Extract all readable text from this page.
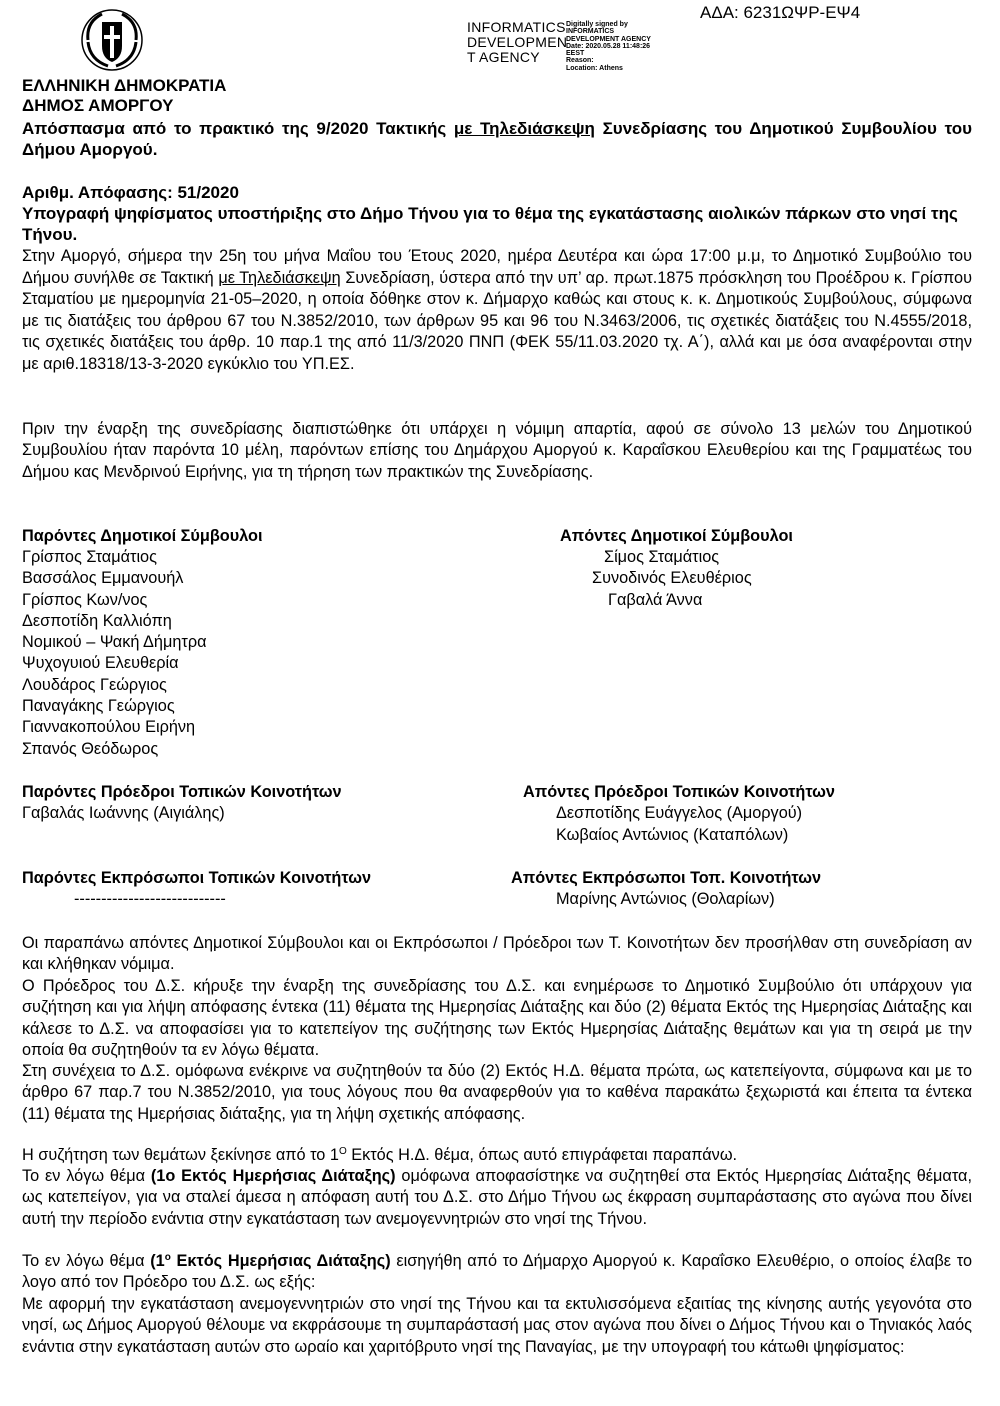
INFORMATICS DEVELOPMEN T AGENCY
Digitally signed by
INFORMATICS
DEVELOPMENT AGENCY
Date: 2020.05.28 11:48:26
EEST
Reason:
Location: Athens
ΑΔΑ: 6231ΩΨΡ-ΕΨ4
ΕΛΛΗΝΙΚΗ ΔΗΜΟΚΡΑΤΙΑ
ΔΗΜΟΣ ΑΜΟΡΓΟΥ
Απόσπασμα από το πρακτικό της 9/2020 Τακτικής με Τηλεδιάσκεψη Συνεδρίασης του Δημοτικού Συμβουλίου του Δήμου Αμοργού.
Αριθμ. Απόφασης: 51/2020
Υπογραφή ψηφίσματος υποστήριξης στο Δήμο Τήνου για το θέμα της εγκατάστασης αιολικών πάρκων στο νησί της Τήνου.
Στην Αμοργό, σήμερα την 25η του μήνα Μαΐου του Έτους 2020, ημέρα Δευτέρα και ώρα 17:00 μ.μ, το Δημοτικό Συμβούλιο του Δήμου συνήλθε σε Τακτική με Τηλεδιάσκεψη Συνεδρίαση, ύστερα από την υπ’ αρ. πρωτ.1875 πρόσκληση του Προέδρου κ. Γρίσπου Σταματίου με ημερομηνία 21-05–2020, η οποία δόθηκε στον κ. Δήμαρχο καθώς και στους κ. κ. Δημοτικούς Συμβούλους, σύμφωνα με τις διατάξεις του άρθρου 67 του Ν.3852/2010, των άρθρων 95 και 96 του Ν.3463/2006, τις σχετικές διατάξεις του Ν.4555/2018, τις σχετικές διατάξεις του άρθρ. 10 παρ.1 της από 11/3/2020 ΠΝΠ (ΦΕΚ 55/11.03.2020 τχ. Α΄), αλλά και με όσα αναφέρονται στην με αριθ.18318/13-3-2020 εγκύκλιο του ΥΠ.ΕΣ.
Πριν την έναρξη της συνεδρίασης διαπιστώθηκε ότι υπάρχει η νόμιμη απαρτία, αφού σε σύνολο 13 μελών του Δημοτικού Συμβουλίου ήταν παρόντα 10 μέλη, παρόντων επίσης του Δημάρχου Αμοργού κ. Καραΐσκου Ελευθερίου και της Γραμματέως του Δήμου κας Μενδρινού Ειρήνης, για τη τήρηση των πρακτικών της Συνεδρίασης.
Παρόντες Δημοτικοί Σύμβουλοι
Γρίσπος Σταμάτιος
Βασσάλος Εμμανουήλ
Γρίσπος Κων/νος
Δεσποτίδη Καλλιόπη
Νομικού – Ψακή Δήμητρα
Ψυχογυιού Ελευθερία
Λουδάρος Γεώργιος
Παναγάκης Γεώργιος
Γιαννακοπούλου Ειρήνη
Σπανός Θεόδωρος
Απόντες Δημοτικοί Σύμβουλοι
Σίμος Σταμάτιος
Συνοδινός Ελευθέριος
Γαβαλά Άννα
Παρόντες Πρόεδροι Τοπικών Κοινοτήτων
Γαβαλάς Ιωάννης (Αιγιάλης)
Απόντες Πρόεδροι Τοπικών Κοινοτήτων
Δεσποτίδης Ευάγγελος (Αμοργού)
Κωβαίος Αντώνιος (Καταπόλων)
Παρόντες Εκπρόσωποι Τοπικών Κοινοτήτων
----------------------------
Απόντες Εκπρόσωποι Τοπ. Κοινοτήτων
Μαρίνης Αντώνιος (Θολαρίων)
Οι παραπάνω απόντες Δημοτικοί Σύμβουλοι και οι Εκπρόσωποι / Πρόεδροι των Τ. Κοινοτήτων δεν προσήλθαν στη συνεδρίαση αν και κλήθηκαν νόμιμα.
Ο Πρόεδρος του Δ.Σ. κήρυξε την έναρξη της συνεδρίασης του Δ.Σ. και ενημέρωσε το Δημοτικό Συμβούλιο ότι υπάρχουν για συζήτηση και για λήψη απόφασης έντεκα (11) θέματα της Ημερησίας Διάταξης και δύο (2) θέματα Εκτός της Ημερησίας Διάταξης και κάλεσε το Δ.Σ. να αποφασίσει για το κατεπείγον της συζήτησης των Εκτός Ημερησίας Διάταξης θεμάτων και για τη σειρά με την οποία θα συζητηθούν τα εν λόγω θέματα.
Στη συνέχεια το Δ.Σ. ομόφωνα ενέκρινε να συζητηθούν τα δύο (2) Εκτός Η.Δ. θέματα πρώτα, ως κατεπείγοντα, σύμφωνα και με το άρθρο 67 παρ.7 του Ν.3852/2010, για τους λόγους που θα αναφερθούν για το καθένα παρακάτω ξεχωριστά και έπειτα τα έντεκα (11) θέματα της Ημερήσιας διάταξης, για τη λήψη σχετικής απόφασης.
Η συζήτηση των θεμάτων ξεκίνησε από το $1^O$ Εκτός Η.Δ. θέμα, όπως αυτό επιγράφεται παραπάνω.
Το εν λόγω θέμα (1ο Εκτός Ημερήσιας Διάταξης) ομόφωνα αποφασίστηκε να συζητηθεί στα Εκτός Ημερησίας Διάταξης θέματα, ως κατεπείγον, για να σταλεί άμεσα η απόφαση αυτή του Δ.Σ. στο Δήμο Τήνου ως έκφραση συμπαράστασης στο αγώνα που δίνει αυτή την περίοδο ενάντια στην εγκατάσταση των ανεμογεννητριών στο νησί της Τήνου.
Το εν λόγω θέμα ($1^o$ Εκτός Ημερήσιας Διάταξης) εισηγήθη από το Δήμαρχο Αμοργού κ. Καραΐσκο Ελευθέριο, ο οποίος έλαβε το λογο από τον Πρόεδρο του Δ.Σ. ως εξής:
Με αφορμή την εγκατάσταση ανεμογεννητριών στο νησί της Τήνου και τα εκτυλισσόμενα εξαιτίας της κίνησης αυτής γεγονότα στο νησί, ως Δήμος Αμοργού θέλουμε να εκφράσουμε τη συμπαράστασή μας στον αγώνα που δίνει ο Δήμος Τήνου και ο Τηνιακός λαός ενάντια στην εγκατάσταση αυτών στο ωραίο και χαριτόβρυτο νησί της Παναγίας, με την υπογραφή του κάτωθι ψηφίσματος:
